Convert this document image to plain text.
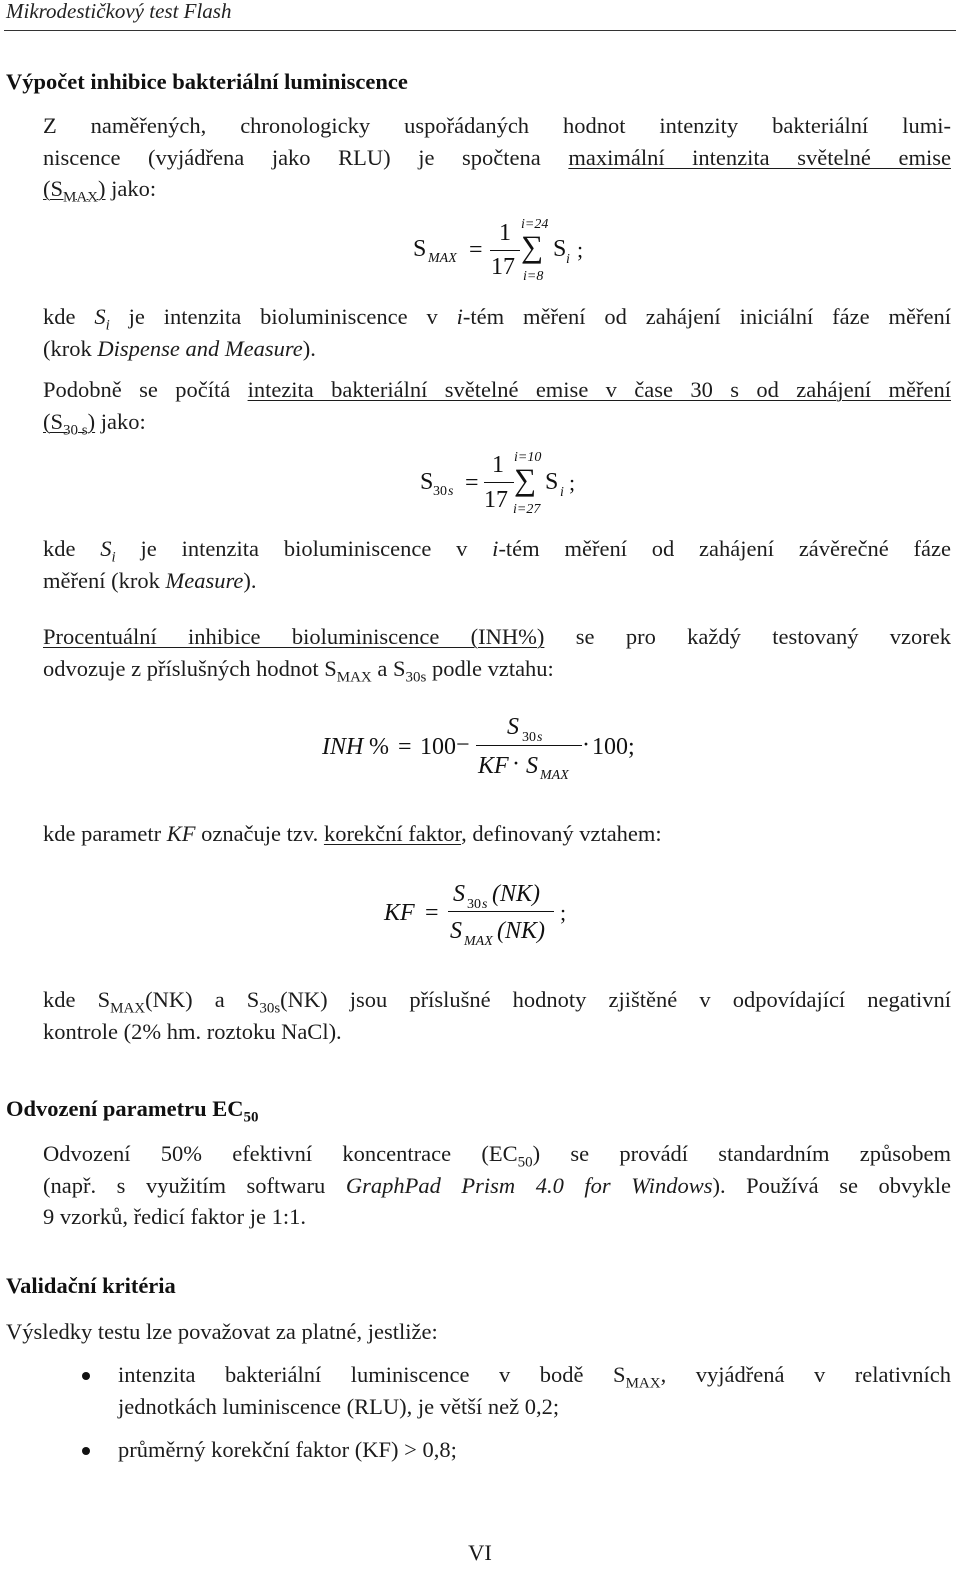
Mikrodestičkový test Flash
Výpočet inhibice bakteriální luminiscence
Z naměřených, chronologicky uspořádaných hodnot intenzity bakteriální lumi-
niscence (vyjádřena jako RLU) je spočtena maximální intenzita světelné emise
$(S_{MAX})$ jako:
S MAX =
1
17
i=24
∑
i=8
S i ;
kde $S_i$ je intenzita bioluminiscence v i-tém měření od zahájení iniciální fáze měření
(krok Dispense and Measure).
Podobně se počítá intezita bakteriální světelné emise v čase 30 s od zahájení měření
$(S_{30 s})$ jako:
S 30 s =
1
17
i=10
∑
i=27
S i ;
kde $S_i$ je intenzita bioluminiscence v i-tém měření od zahájení závěrečné fáze
měření (krok Measure).
Procentuální inhibice bioluminiscence (INH%) se pro každý testovaný vzorek
odvozuje z příslušných hodnot $S_{MAX}$ a $S_{30s}$ podle vztahu:
INH % = 100 −
S 30 s
KF · S MAX
· 100;
kde parametr KF označuje tzv. korekční faktor, definovaný vztahem:
KF =
S 30 s (NK)
S MAX (NK)
;
kde $S_{MAX}(NK)$ a $S_{30s}(NK)$ jsou příslušné hodnoty zjištěné v odpovídající negativní
kontrole (2% hm. roztoku NaCl).
Odvození parametru $EC_{50}$
Odvození 50% efektivní koncentrace $(EC_{50})$ se provádí standardním způsobem
(např. s využitím softwaru GraphPad Prism 4.0 for Windows). Používá se obvykle
9 vzorků, ředicí faktor je 1:1.
Validační kritéria
Výsledky testu lze považovat za platné, jestliže:
intenzita bakteriální luminiscence v bodě $S_{MAX}$, vyjádřená v relativních
jednotkách luminiscence (RLU), je větší než 0,2;
průměrný korekční faktor (KF) > 0,8;
VI
